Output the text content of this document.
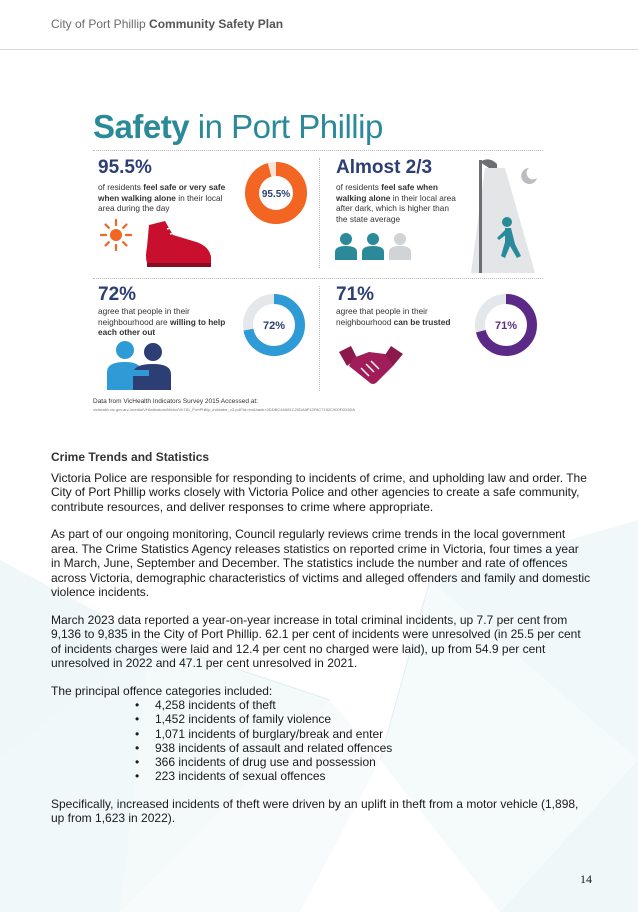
City of Port Phillip Community Safety Plan
Safety in Port Phillip
95.5%
of residents feel safe or very safe when walking alone in their local area during the day
95.5%
Almost 2/3
of residents feel safe when walking alone in their local area after dark, which is higher than the state average
72%
agree that people in their neighbourhood are willing to help each other out	72%
71%
agree that people in their neighbourhood can be trusted	71%
Data from VicHealth Indicators Survey 2015 Accessed at:
vichealth.vic.gov.au/-/media/VHIndicators/Metro/Vh781_PortPhillip_indicator_v3.pdf?la=en&hash=0DDBC4A581C20DA8F13F8C7152C900F0D9DA
Crime Trends and Statistics

Victoria Police are responsible for responding to incidents of crime, and upholding law and order. The City of Port Phillip works closely with Victoria Police and other agencies to create a safe community, contribute resources, and deliver responses to crime where appropriate.

As part of our ongoing monitoring, Council regularly reviews crime trends in the local government area. The Crime Statistics Agency releases statistics on reported crime in Victoria, four times a year in March, June, September and December. The statistics include the number and rate of offences across Victoria, demographic characteristics of victims and alleged offenders and family and domestic violence incidents.

March 2023 data reported a year-on-year increase in total criminal incidents, up 7.7 per cent from 9,136 to 9,835 in the City of Port Phillip. 62.1 per cent of incidents were unresolved (in 25.5 per cent of incidents charges were laid and 12.4 per cent no charged were laid), up from 54.9 per cent unresolved in 2022 and 47.1 per cent unresolved in 2021.

The principal offence categories included:

• 4,258 incidents of theft
• 1,452 incidents of family violence
• 1,071 incidents of burglary/break and enter
• 938 incidents of assault and related offences
• 366 incidents of drug use and possession
• 223 incidents of sexual offences

Specifically, increased incidents of theft were driven by an uplift in theft from a motor vehicle (1,898, up from 1,623 in 2022).

14
